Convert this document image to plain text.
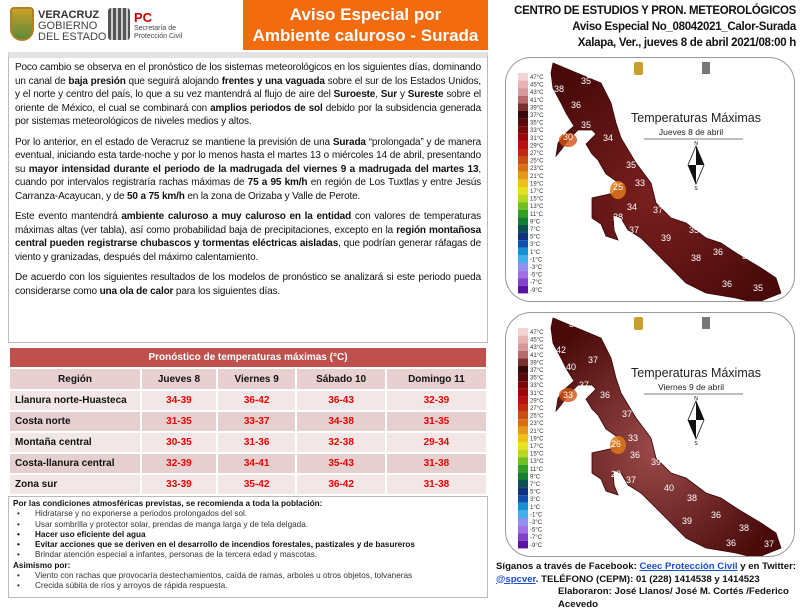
VERACRUZ
GOBIERNO
DEL ESTADO
PC
Secretaría de
Protección Civil
Aviso Especial por
Ambiente caluroso - Surada
CENTRO DE ESTUDIOS Y PRON. METEOROLÓGICOS
Aviso Especial No_08042021_Calor-Surada
Xalapa, Ver., jueves 8 de abril 2021/08:00 h

Poco cambio se observa en el pronóstico de los sistemas meteorológicos en los siguientes días, dominando un canal de baja presión que seguirá alojando frentes y una vaguada sobre el sur de los Estados Unidos, y el norte y centro del país, lo que a su vez mantendrá al flujo de aire del Suroeste, Sur y Sureste sobre el oriente de México, el cual se combinará con amplios periodos de sol debido por la subsidencia generada por sistemas meteorológicos de niveles medios y altos.

Por lo anterior, en el estado de Veracruz se mantiene la previsión de una Surada “prolongada” y de manera eventual, iniciando esta tarde-noche y por lo menos hasta el martes 13 o miércoles 14 de abril, presentando su mayor intensidad durante el periodo de la madrugada del viernes 9 a madrugada del martes 13, cuando por intervalos registraría rachas máximas de 75 a 95 km/h en región de Los Tuxtlas y entre Jesús Carranza-Acayucan, y de 50 a 75 km/h en la zona de Orizaba y Valle de Perote.

Este evento mantendrá ambiente caluroso a muy caluroso en la entidad con valores de temperaturas máximas altas (ver tabla), así como probabilidad baja de precipitaciones, excepto en la región montañosa central pueden registrarse chubascos y tormentas eléctricas aisladas, que podrían generar ráfagas de viento y granizadas, después del máximo calentamiento.

De acuerdo con los siguientes resultados de los modelos de pronóstico se analizará si este periodo pueda considerarse como una ola de calor para los siguientes días.

Pronóstico de temperaturas máximas (°C)				
Región	Jueves 8	Viernes 9	Sábado 10	Domingo 11
Llanura norte-Huasteca	34-39	36-42	36-43	32-39
Costa norte	31-35	33-37	34-38	31-35
Montaña central	30-35	31-36	32-38	29-34
Costa-llanura central	32-39	34-41	35-43	31-38
Zona sur	33-39	35-42	36-42	31-38
Por las condiciones atmosféricas previstas, se recomienda a toda la población:
• Hidratarse y no exponerse a periodos prolongados del sol.
• Usar sombrilla y protector solar, prendas de manga larga y de tela delgada.
• Hacer uso eficiente del agua
• Evitar acciones que se deriven en el desarrollo de incendios forestales, pastizales y de basureros
• Brindar atención especial a infantes, personas de la tercera edad y mascotas.
Asimismo por:
• Viento con rachas que provocaría destechamientos, caída de ramas, arboles u otros objetos, tolvaneras
• Crecida súbita de ríos y arroyos de rápida respuesta.
47°C
45°C
43°C
41°C
39°C
37°C
35°C
33°C
31°C
29°C
27°C
25°C
23°C
21°C
19°C
17°C
15°C
13°C
11°C
9°C
7°C
5°C
3°C
1°C
-1°C
-3°C
-5°C
-7°C
-9°C
38
35
36
35
30	34
35
25 33
34
28
37
37
39
35
38
36 36
36 35
Temperaturas Máximas
Jueves 8 de abril
N
S
47°C
45°C
43°C
41°C
39°C
37°C
35°C
33°C
31°C
29°C
27°C
25°C
23°C
21°C
19°C
17°C
15°C
13°C
11°C
9°C
7°C
5°C
3°C
1°C
-1°C
-3°C
-5°C
-7°C
-9°C
39
42
37
40
37
33	36
37
26
33
36
29
39
37
40
38
39
36
38
36	37
Temperaturas Máximas
Viernes 9 de abril
N
S
Síganos a través de Facebook: Ceec Protección Civil y en Twitter:
@spcver. TELÉFONO (CEPM): 01 (228) 1414538 y 1414523
Elaboraron: José Llanos/ José M. Cortés /Federico Acevedo
